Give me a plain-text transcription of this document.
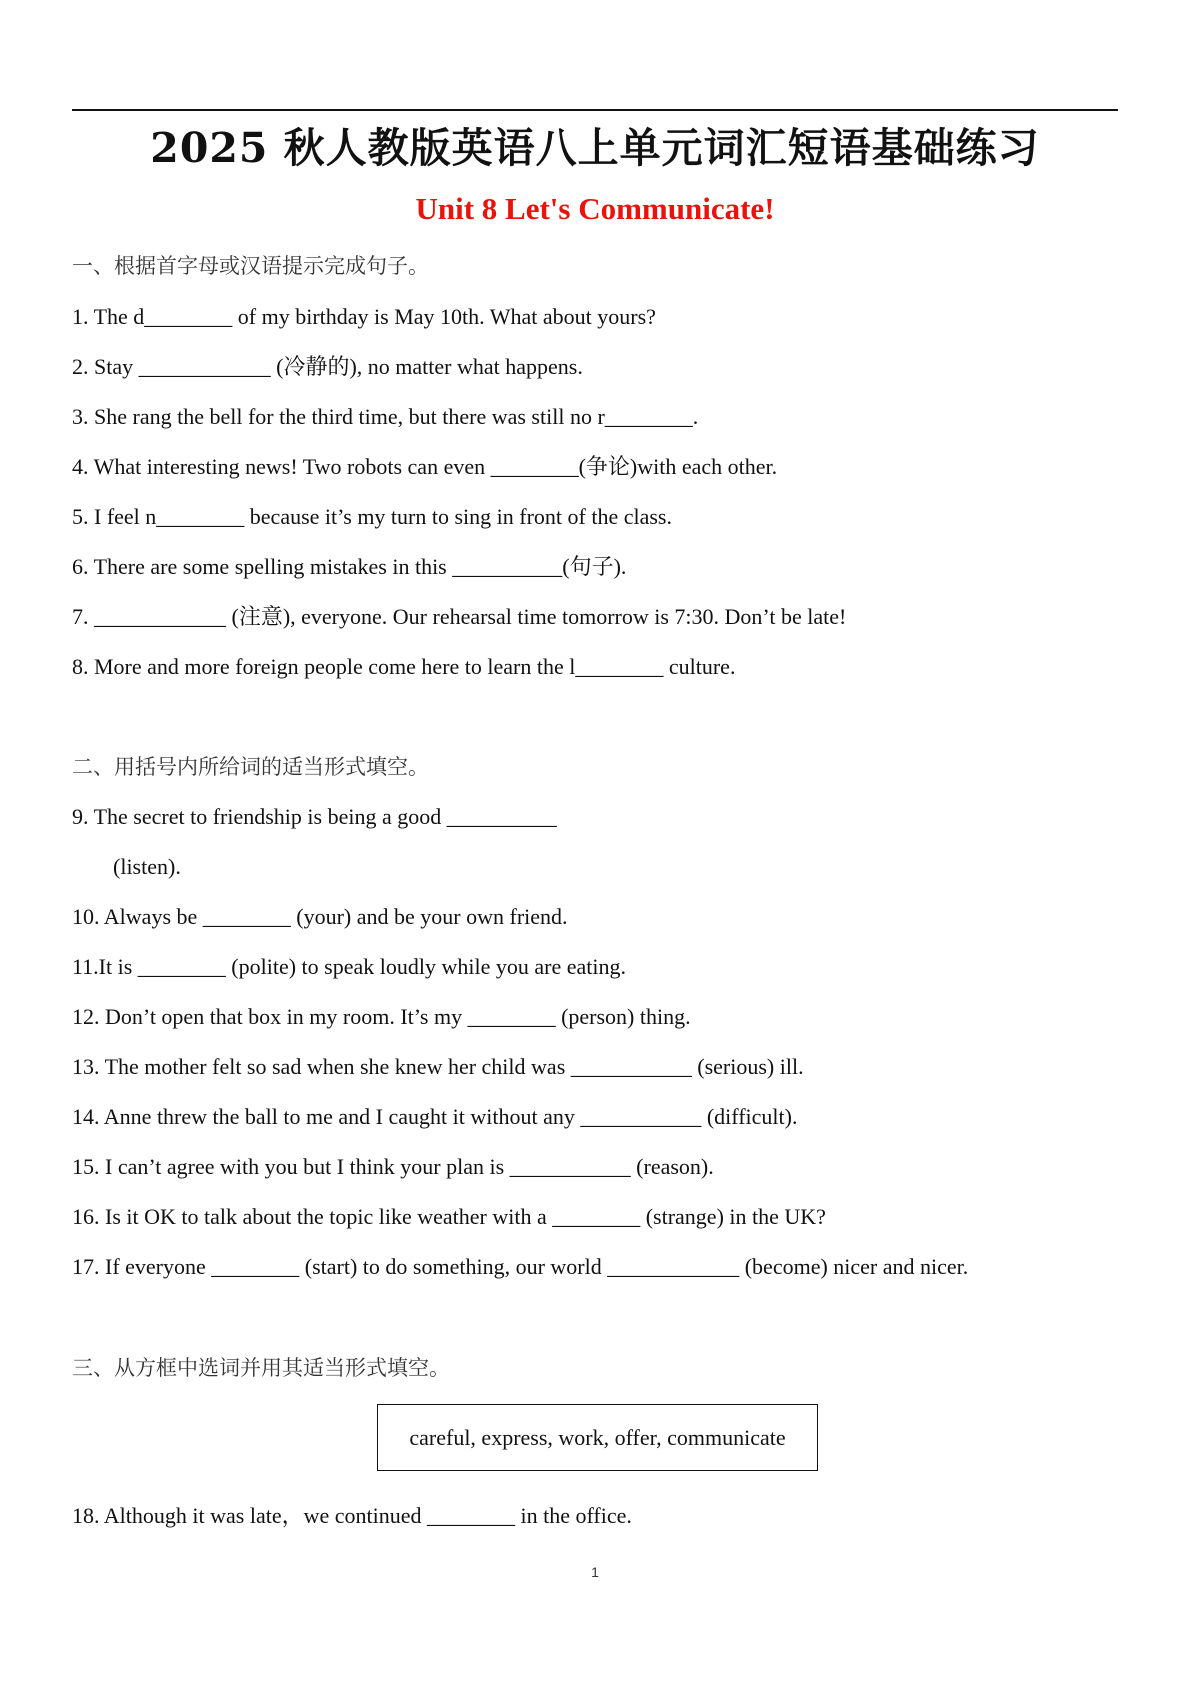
2025 秋人教版英语八上单元词汇短语基础练习
Unit 8 Let's Communicate!

一、根据首字母或汉语提示完成句子。

1. The d________ of my birthday is May 10th. What about yours?

2. Stay ____________ (冷静的), no matter what happens.

3. She rang the bell for the third time, but there was still no r________.

4. What interesting news! Two robots can even ________(争论)with each other.

5. I feel n________ because it’s my turn to sing in front of the class.

6. There are some spelling mistakes in this __________(句子).

7. ____________ (注意), everyone. Our rehearsal time tomorrow is 7:30. Don’t be late!

8. More and more foreign people come here to learn the l________ culture.

二、用括号内所给词的适当形式填空。

9. The secret to friendship is being a good __________

(listen).

10. Always be ________ (your) and be your own friend.

11.It is ________ (polite) to speak loudly while you are eating.

12. Don’t open that box in my room. It’s my ________ (person) thing.

13. The mother felt so sad when she knew her child was ___________ (serious) ill.

14. Anne threw the ball to me and I caught it without any ___________ (difficult).

15. I can’t agree with you but I think your plan is ___________ (reason).

16. Is it OK to talk about the topic like weather with a ________ (strange) in the UK?

17. If everyone ________ (start) to do something, our world ____________ (become) nicer and nicer.

三、从方框中选词并用其适当形式填空。

careful, express, work, offer, communicate

18. Although it was late，we continued ________ in the office.

1
